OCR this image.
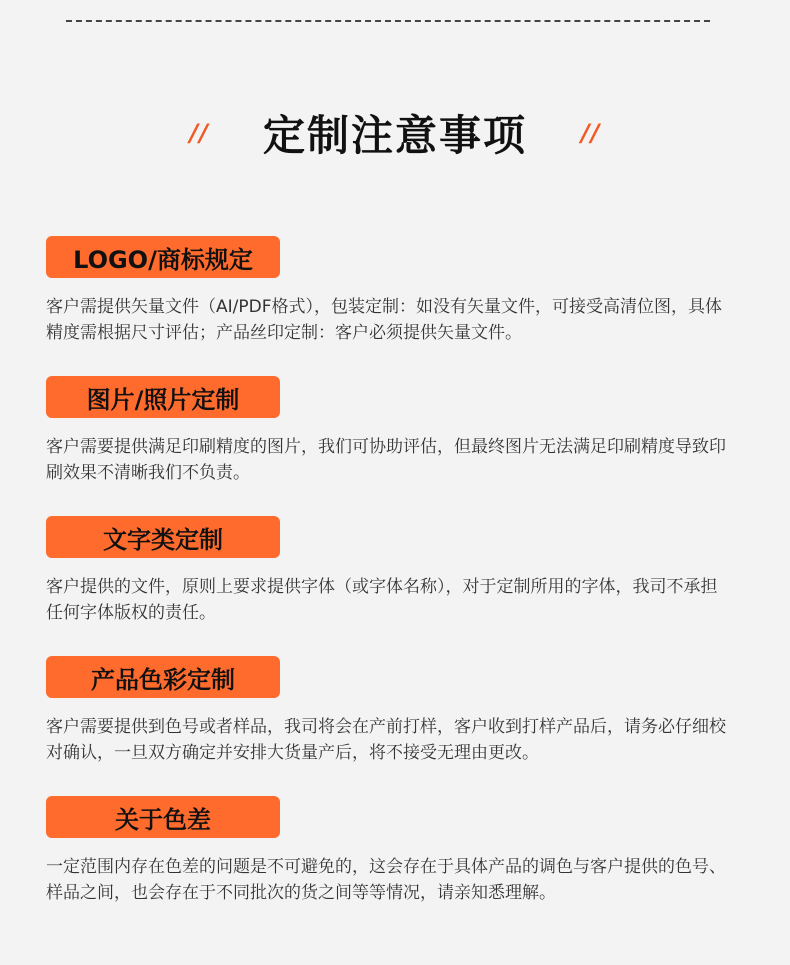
// 定制注意事项 //
LOGO/商标规定
客户需提供矢量文件（AI/PDF格式），包装定制：如没有矢量文件，可接受高清位图，具体精度需根据尺寸评估；产品丝印定制：客户必须提供矢量文件。
图片/照片定制
客户需要提供满足印刷精度的图片，我们可协助评估，但最终图片无法满足印刷精度导致印刷效果不清晰我们不负责。
文字类定制
客户提供的文件，原则上要求提供字体（或字体名称），对于定制所用的字体，我司不承担任何字体版权的责任。
产品色彩定制
客户需要提供到色号或者样品，我司将会在产前打样，客户收到打样产品后，请务必仔细校对确认，一旦双方确定并安排大货量产后，将不接受无理由更改。
关于色差
一定范围内存在色差的问题是不可避免的，这会存在于具体产品的调色与客户提供的色号、样品之间，也会存在于不同批次的货之间等等情况，请亲知悉理解。
